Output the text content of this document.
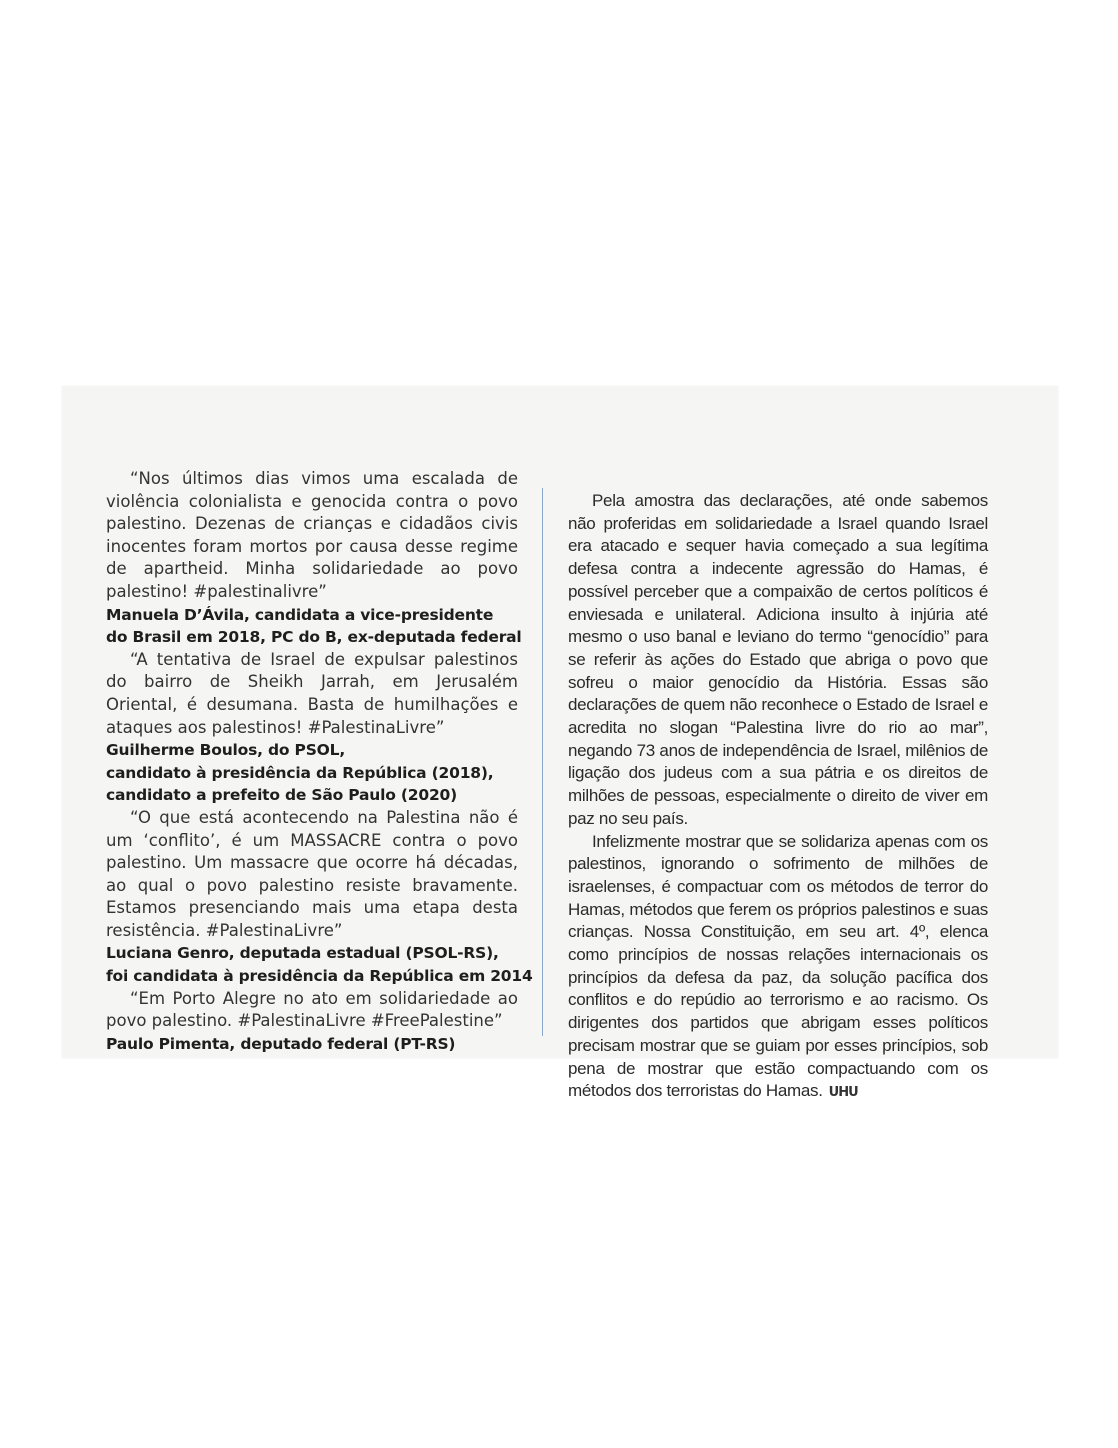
“Nos últimos dias vimos uma escalada de violência colonialista e genocida contra o povo palestino. Dezenas de crianças e cidadãos civis inocentes foram mortos por causa desse regime de apartheid. Minha solidariedade ao povo palestino! #palestinalivre”

Manuela D’Ávila, candidata a vice-presidente
do Brasil em 2018, PC do B, ex-deputada federal

“A tentativa de Israel de expulsar palestinos do bairro de Sheikh Jarrah, em Jerusalém Oriental, é desumana. Basta de humilhações e ataques aos palestinos! #PalestinaLivre”

Guilherme Boulos, do PSOL,
candidato à presidência da República (2018),
candidato a prefeito de São Paulo (2020)

“O que está acontecendo na Palestina não é um ‘conflito’, é um MASSACRE contra o povo palestino. Um massacre que ocorre há décadas, ao qual o povo palestino resiste bravamente. Estamos presenciando mais uma etapa desta resistência. #PalestinaLivre”

Luciana Genro, deputada estadual (PSOL-RS),
foi candidata à presidência da República em 2014

“Em Porto Alegre no ato em solidariedade ao povo palestino. #PalestinaLivre #FreePalestine”

Paulo Pimenta, deputado federal (PT-RS)

Pela amostra das declarações, até onde sabemos não proferidas em solidariedade a Israel quando Israel era atacado e sequer havia começado a sua legítima defesa contra a indecente agressão do Hamas, é possível perceber que a compaixão de certos políticos é enviesada e unilateral. Adiciona insulto à injúria até mesmo o uso banal e leviano do termo “genocídio” para se referir às ações do Estado que abriga o povo que sofreu o maior genocídio da História. Essas são declarações de quem não reconhece o Estado de Israel e acredita no slogan “Palestina livre do rio ao mar”, negando 73 anos de independência de Israel, milênios de ligação dos judeus com a sua pátria e os direitos de milhões de pessoas, especialmente o direito de viver em paz no seu país.

Infelizmente mostrar que se solidariza apenas com os palestinos, ignorando o sofrimento de milhões de israelenses, é compactuar com os métodos de terror do Hamas, métodos que ferem os próprios palestinos e suas crianças. Nossa Constituição, em seu art. 4º, elenca como princípios de nossas relações internacionais os princípios da defesa da paz, da solução pacífica dos conflitos e do repúdio ao terrorismo e ao racismo. Os dirigentes dos partidos que abrigam esses políticos precisam mostrar que se guiam por esses princípios, sob pena de mostrar que estão compactuando com os métodos dos terroristas do Hamas. UHU
